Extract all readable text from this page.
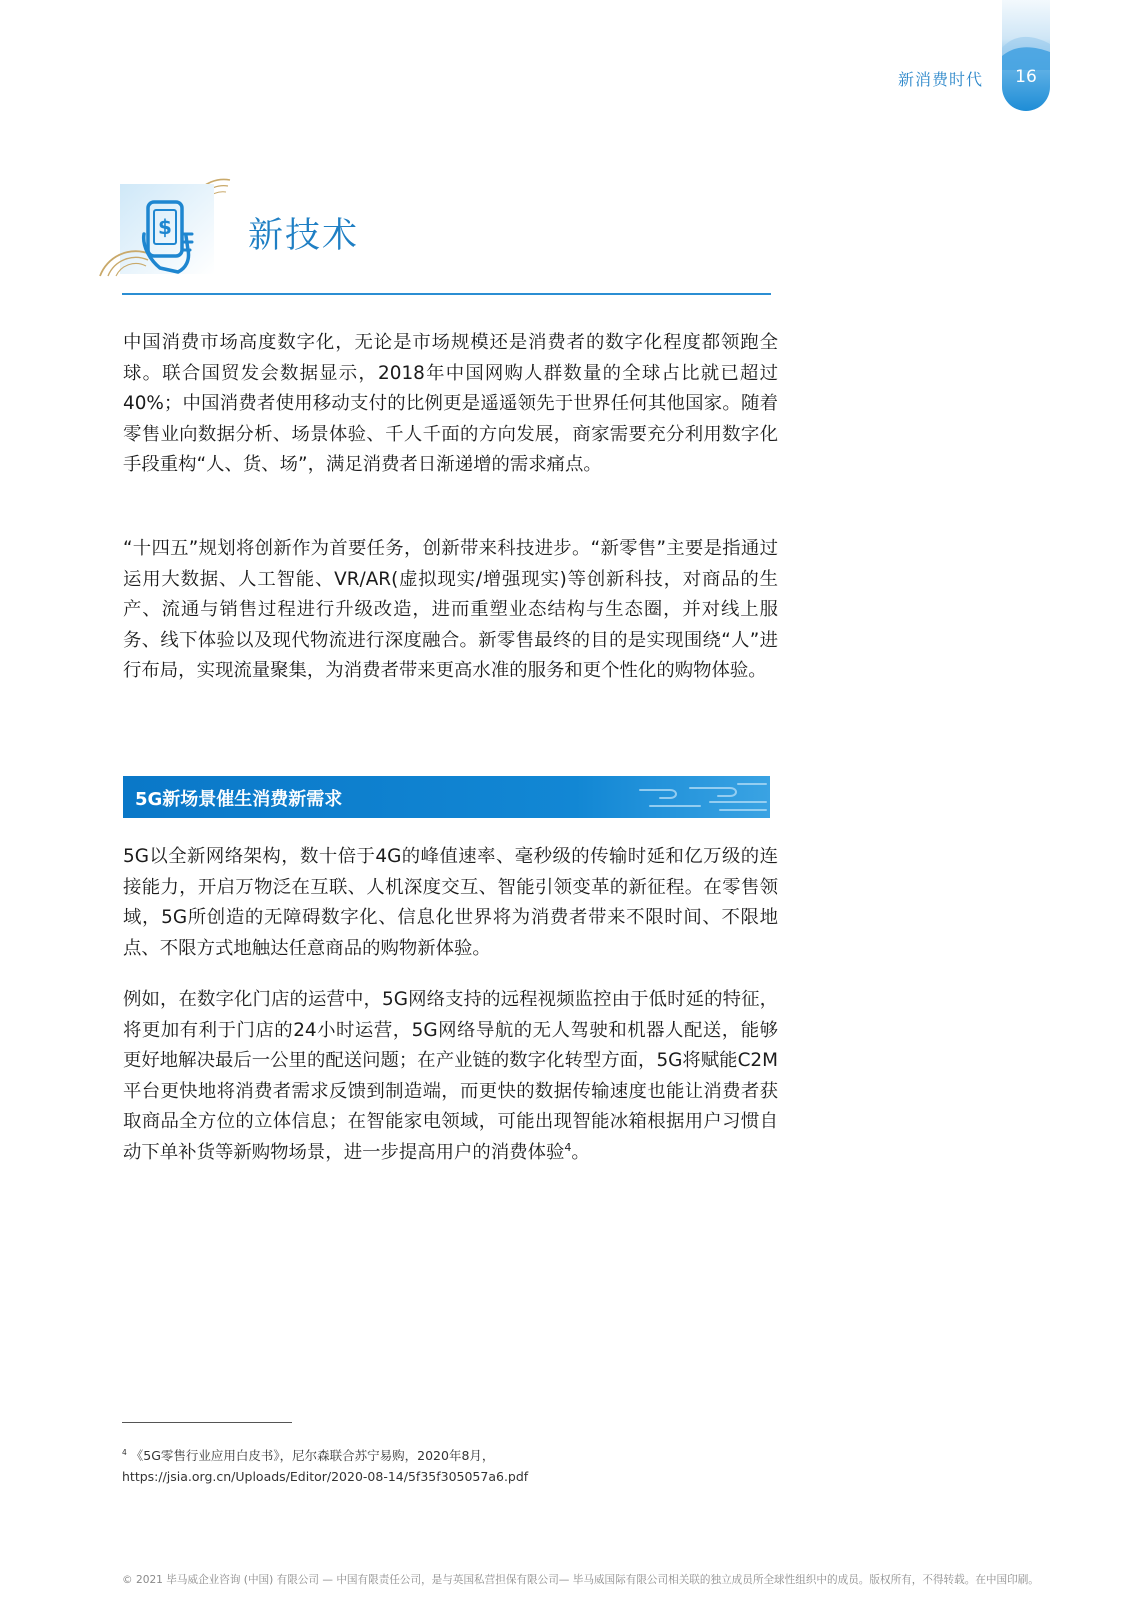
新消费时代	16
$ 新技术

中国消费市场高度数字化，无论是市场规模还是消费者的数字化程度都领跑全球。联合国贸发会数据显示，2018年中国网购人群数量的全球占比就已超过40%；中国消费者使用移动支付的比例更是遥遥领先于世界任何其他国家。随着零售业向数据分析、场景体验、千人千面的方向发展，商家需要充分利用数字化手段重构“人、货、场”，满足消费者日渐递增的需求痛点。

“十四五”规划将创新作为首要任务，创新带来科技进步。“新零售”主要是指通过运用大数据、人工智能、VR/AR(虚拟现实/增强现实)等创新科技，对商品的生产、流通与销售过程进行升级改造，进而重塑业态结构与生态圈，并对线上服务、线下体验以及现代物流进行深度融合。新零售最终的目的是实现围绕“人”进行布局，实现流量聚集，为消费者带来更高水准的服务和更个性化的购物体验。

5G新场景催生消费新需求

5G以全新网络架构，数十倍于4G的峰值速率、毫秒级的传输时延和亿万级的连接能力，开启万物泛在互联、人机深度交互、智能引领变革的新征程。在零售领域，5G所创造的无障碍数字化、信息化世界将为消费者带来不限时间、不限地点、不限方式地触达任意商品的购物新体验。

例如，在数字化门店的运营中，5G网络支持的远程视频监控由于低时延的特征，将更加有利于门店的24小时运营，5G网络导航的无人驾驶和机器人配送，能够更好地解决最后一公里的配送问题；在产业链的数字化转型方面，5G将赋能C2M平台更快地将消费者需求反馈到制造端，而更快的数据传输速度也能让消费者获取商品全方位的立体信息；在智能家电领域，可能出现智能冰箱根据用户习惯自动下单补货等新购物场景，进一步提高用户的消费体验$^4$。

$^4$ 《5G零售行业应用白皮书》，尼尔森联合苏宁易购，2020年8月，
https://jsia.org.cn/Uploads/Editor/2020-08-14/5f35f305057a6.pdf
© 2021 毕马威企业咨询 (中国) 有限公司 — 中国有限责任公司，是与英国私营担保有限公司— 毕马威国际有限公司相关联的独立成员所全球性组织中的成员。版权所有，不得转载。在中国印刷。
